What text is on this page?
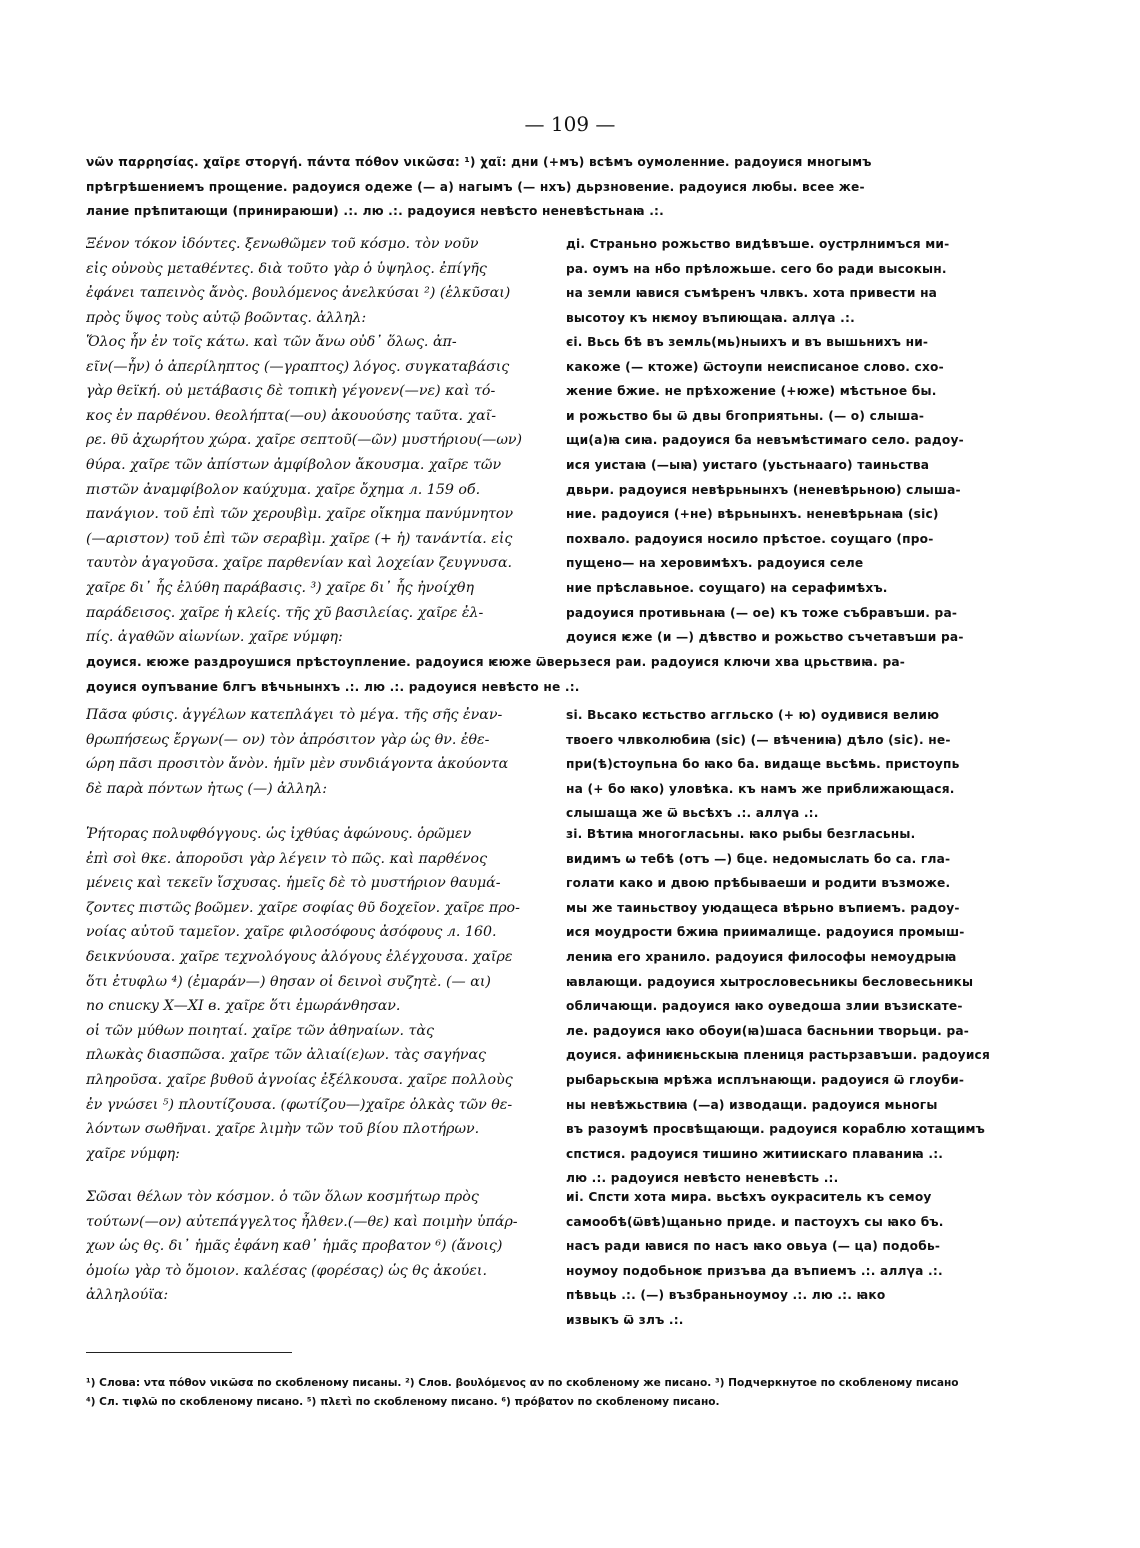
— 109 —

νῶν παρρησίας. χαῖρε στοργή. πάντα πόθον νικῶσα: ¹) χαῖ: дни (+мъ) всѣмъ оумоленние. радоуися многымъ

прѣгрѣшениемъ прощение. радоуися одеже (— а) нагымъ (— нхъ) дьрзновение. радоуися любы. всее же-

лание прѣпитающи (принираюши) .:. лю .:. радоуися невѣсто неневѣстьнаꙗ .:.

Ξένον τόκον ἰδόντες. ξενωθῶμεν τοῦ κόσμο. τὸν νοῦν

εἰς οὐνοὺς μεταθέντες. διὰ τοῦτο γὰρ ὁ ὑψηλος. ἐπίγῆς

ἐφάνει ταπεινὸς ἄνὸς. βουλόμενος ἀνελκύσαι ²) (ἑλκῦσαι)

πρὸς ὕψος τοὺς αὐτῷ βοῶντας. ἀλληλ:

ді. Страньно рожьство видѣвъше. оустрлнимъся ми-

ра. оумъ на нбо прѣложьше. сего бо ради высокын.

на земли ꙗвися съмѣренъ члвкъ. хота привести на

высотоу къ нѥмоу въпиющаꙗ. аллγа .:.

Ὅλος ἦν ἐν τοῖς κάτω. καὶ τῶν ἄνω οὐδ᾽ ὅλως. ἀπ-

εῖν(—ἦν) ὁ ἀπερίληπτος (—γραπτος) λόγος. συγκαταβάσις

γὰρ θεϊκή. οὐ μετάβασις δὲ τοπικὴ γέγονεν(—νε) καὶ τό-

κος ἐν παρθένου. θεολήπτα(—ου) ἀκουούσης ταῦτα. χαῖ-

ρε. θῦ ἀχωρήτου χώρα. χαῖρε σεπτοῦ(—ῶν) μυστήριου(—ων)

θύρα. χαῖρε τῶν ἀπίστων ἀμφίβολον ἄκουσμα. χαῖρε τῶν

πιστῶν ἀναμφίβολον καύχυμα. χαῖρε ὄχημα л. 159 об.

πανάγιον. τοῦ ἐπὶ τῶν χερουβὶμ. χαῖρε οἴκημα πανύμνητον

(—αριστον) τοῦ ἐπὶ τῶν σεραβὶμ. χαῖρε (+ ἡ) τανάντία. εἰς

ταυτὸν ἀγαγοῦσα. χαῖρε παρθενίαν καὶ λοχείαν ζευγνυσα.

χαῖρε δι᾽ ἧς ἐλύθη παράβασις. ³) χαῖρε δι᾽ ἧς ἠνοίχθη

παράδεισος. χαῖρε ἡ κλείς. τῆς χῦ βασιλείας. χαῖρε ἐλ-

πίς. ἀγαθῶν αἰωνίων. χαῖρε νύμφη:

єі. Вьсь бѣ въ земль(мь)ныихъ и въ вышьнихъ ни-

какоже (— ктоже) ѿстоупи неисписаное слово. схо-

жение бжие. не прѣхожение (+юже) мѣстьное бы.

и рожьство бы ѿ двы бгоприятьны. (— о) слыша-

щи(а)ꙗ сиꙗ. радоуися ба невъмѣстимаго село. радоу-

ися уистаꙗ (—ыꙗ) уистаго (уьстьнааго) таиньства

двьри. радоуися невѣрьнынхъ (неневѣрьною) слыша-

ние. радоуися (+не) вѣрьнынхъ. неневѣрьнаꙗ (sic)

похвало. радоуися носило прѣстое. соущаго (про-

пущено— на херовимѣхъ. радоуися селе

ние прѣславьное. соущаго) на серафимѣхъ.

радоуися противьнаꙗ (— ое) къ тоже събравъши. ра-

доуися ѥже (и —) дѣвство и рожьство съчетавъши ра-

доуися. ѥюже раздроушися прѣстоупление. радоуися ѥюже ѿверьзеся раи. радоуися ключи хва црьствиꙗ. ра-

доуися оупъвание блгъ вѣчьнынхъ .:. лю .:. радоуися невѣсто не .:.

Πᾶσα φύσις. ἀγγέλων κατεπλάγει τὸ μέγα. τῆς σῆς ἐναν-

θρωπήσεως ἔργων(— ον) τὸν ἀπρόσιτον γὰρ ὡς θν. ἐθε-

ώρη πᾶσι προσιτὸν ἄνὸν. ἡμῖν μὲν συνδιάγοντα ἀκούοντα

δὲ παρὰ πόντων ἠτως (—) ἀλληλ:

ѕі. Вьсако ѥстьство аггльско (+ ю) оудивися велию

твоего члвколюбиꙗ (sic) (— вѣчениꙗ) дѣло (sic). не-

при(ѣ)стоупьна бо ꙗко ба. видаще вьсѣмь. пристоупь

на (+ бо ꙗко) уловѣка. къ намъ же приближающася.

слышаща же ѿ вьсѣхъ .:. аллγа .:.

Ῥήτορας πολυφθόγγους. ὡς ἰχθύας ἀφώνους. ὁρῶμεν

ἐπὶ σοὶ θκε. ἀποροῦσι γὰρ λέγειν τὸ πῶς. καὶ παρθένος

μένεις καὶ τεκεῖν ἴσχυσας. ἡμεῖς δὲ τὸ μυστήριον θαυμά-

ζοντες πιστῶς βοῶμεν. χαῖρε σοφίας θῦ δοχεῖον. χαῖρε προ-

νοίας αὐτοῦ ταμεῖον. χαῖρε φιλοσόφους ἀσόφους л. 160.

δεικνύουσα. χαῖρε τεχνολόγους ἀλόγους ἐλέγχουσα. χαῖρε

ὅτι ἐτυφλω ⁴) (ἐμαράν—) θησαν οἱ δεινοὶ συζητὲ. (— αι)

по списку X—XI в. χαῖρε ὅτι ἐμωράνθησαν.

οἱ τῶν μύθων ποιηταί. χαῖρε τῶν ἀθηναίων. τὰς

πλωκὰς διασπῶσα. χαῖρε τῶν ἀλιαί(ε)ων. τὰς σαγήνας

πληροῦσα. χαῖρε βυθοῦ ἀγνοίας ἐξέλκουσα. χαῖρε πολλοὺς

ἐν γνώσει ⁵) πλουτίζουσα. (φωτίζου—)χαῖρε ὁλκὰς τῶν θε-

λόντων σωθῆναι. χαῖρε λιμὴν τῶν τοῦ βίου πλοτήρων.

χαῖρε νύμφη:

зі. Вѣтиꙗ многогласьны. ꙗко рыбы безгласьны.

видимъ ѡ тебѣ (отъ —) бце. недомыслать бо са. гла-

голати како и двою прѣбываеши и родити възможе.

мы же таиньствоу уюдащеса вѣрьно въпиемъ. радоу-

ися моудрости бжиꙗ приималище. радоуися промыш-

лениꙗ его хранило. радоуися философы немоудрыꙗ

ꙗвлающи. радоуися хытрословесьникы бесловесьникы

обличающи. радоуися ꙗко оуведоша злии възискате-

ле. радоуися ꙗко обоуи(ꙗ)шаса басньнии творьци. ра-

доуися. афиниѥньскыꙗ плениця растьрзавъши. радоуися

рыбарьскыꙗ мрѣжа исплънающи. радоуися ѿ глоуби-

ны невѣжьствиꙗ (—а) извoдащи. радоуися мьногы

въ разоумѣ просвѣщающи. радоуися кораблю хотащимъ

спстися. радоуися тишино житиискаго плаваниꙗ .:.

лю .:. радоуися невѣсто неневѣсть .:.

Σῶσαι θέλων τὸν κόσμον. ὁ τῶν ὅλων κοσμήτωρ πρὸς

τούτων(—ον) αὐτεπάγγελτος ἦλθεν.(—θε) καὶ ποιμὴν ὑπάρ-

χων ὡς θς. δι᾽ ἡμᾶς ἐφάνη καθ᾽ ἡμᾶς προβατον ⁶) (ἄνοις)

ὁμοίω γὰρ τὸ ὅμοιον. καλέσας (φορέσας) ὡς θς ἀκούει.

ἀλληλούϊα:

иі. Спсти хота мира. вьсѣхъ оукраситель къ семоу

самообѣ(ѿвѣ)щаньно приде. и пастоухъ сы ꙗко бъ.

насъ ради ꙗвися по насъ ꙗко овьуа (— ца) подобь-

ноумоу подобьноѥ призъва да въпиемъ .:. аллγа .:.

пѣвьць .:. (—) възбраньноумоу .:. лю .:. ꙗко

извыкъ ѿ злъ .:.

¹) Слова: ντα πόθον νικῶσα по скобленому писаны. ²) Слов. βουλόμενος αν по скобленому же писано. ³) Подчеркнутое по скобленому писано

⁴) Сл. τιφλῶ по скобленому писано. ⁵) πλετὶ по скобленому писано. ⁶) πρόβατον по скобленому писано.
